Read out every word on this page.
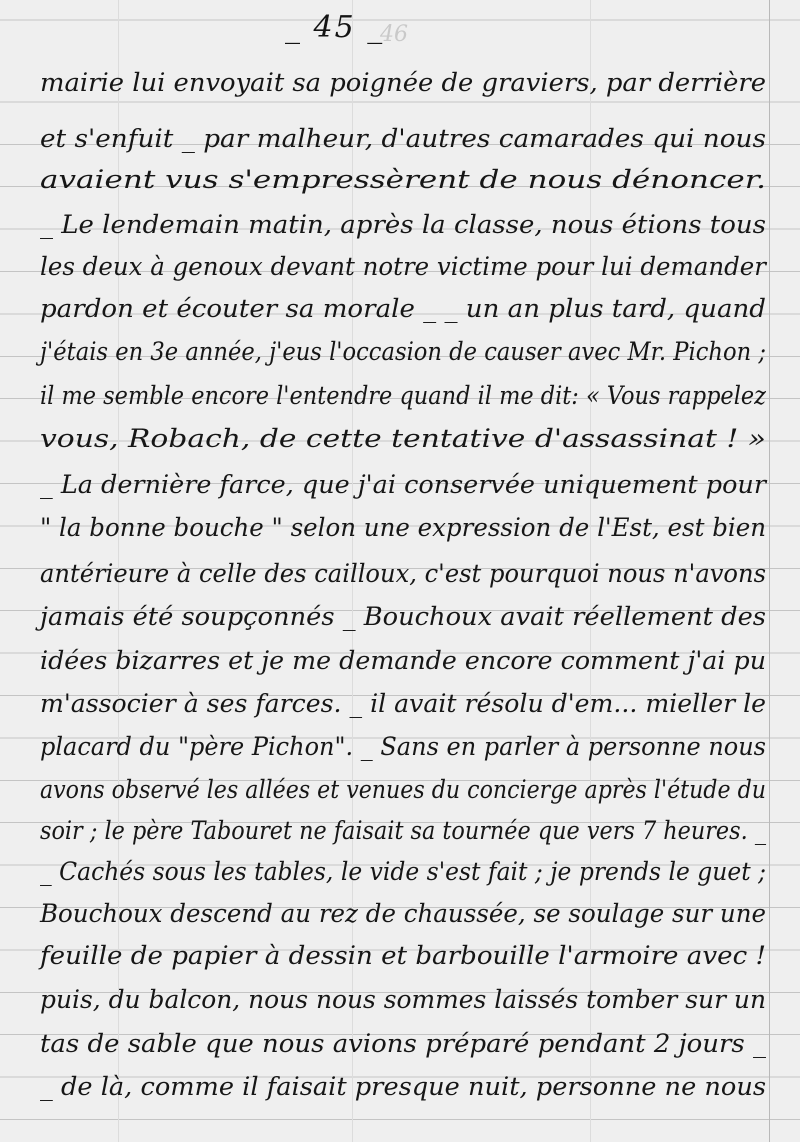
46
_ 45 _
mairie lui envoyait sa poignée de graviers, par derrière
et s'enfuit _ par malheur, d'autres camarades qui nous
avaient vus s'empressèrent de nous dénoncer.
_ Le lendemain matin, après la classe, nous étions tous
les deux à genoux devant notre victime pour lui demander
pardon et écouter sa morale _ _ un an plus tard, quand
j'étais en 3e année, j'eus l'occasion de causer avec Mr. Pichon ;
il me semble encore l'entendre quand il me dit: « Vous rappelez
vous, Robach, de cette tentative d'assassinat ! »
_ La dernière farce, que j'ai conservée uniquement pour
" la bonne bouche " selon une expression de l'Est, est bien
antérieure à celle des cailloux, c'est pourquoi nous n'avons
jamais été soupçonnés _ Bouchoux avait réellement des
idées bizarres et je me demande encore comment j'ai pu
m'associer à ses farces. _ il avait résolu d'em... mieller le
placard du "père Pichon". _ Sans en parler à personne nous
avons observé les allées et venues du concierge après l'étude du
soir ; le père Tabouret ne faisait sa tournée que vers 7 heures. _
_ Cachés sous les tables, le vide s'est fait ; je prends le guet ;
Bouchoux descend au rez de chaussée, se soulage sur une
feuille de papier à dessin et barbouille l'armoire avec !
puis, du balcon, nous nous sommes laissés tomber sur un
tas de sable que nous avions préparé pendant 2 jours _
_ de là, comme il faisait presque nuit, personne ne nous
